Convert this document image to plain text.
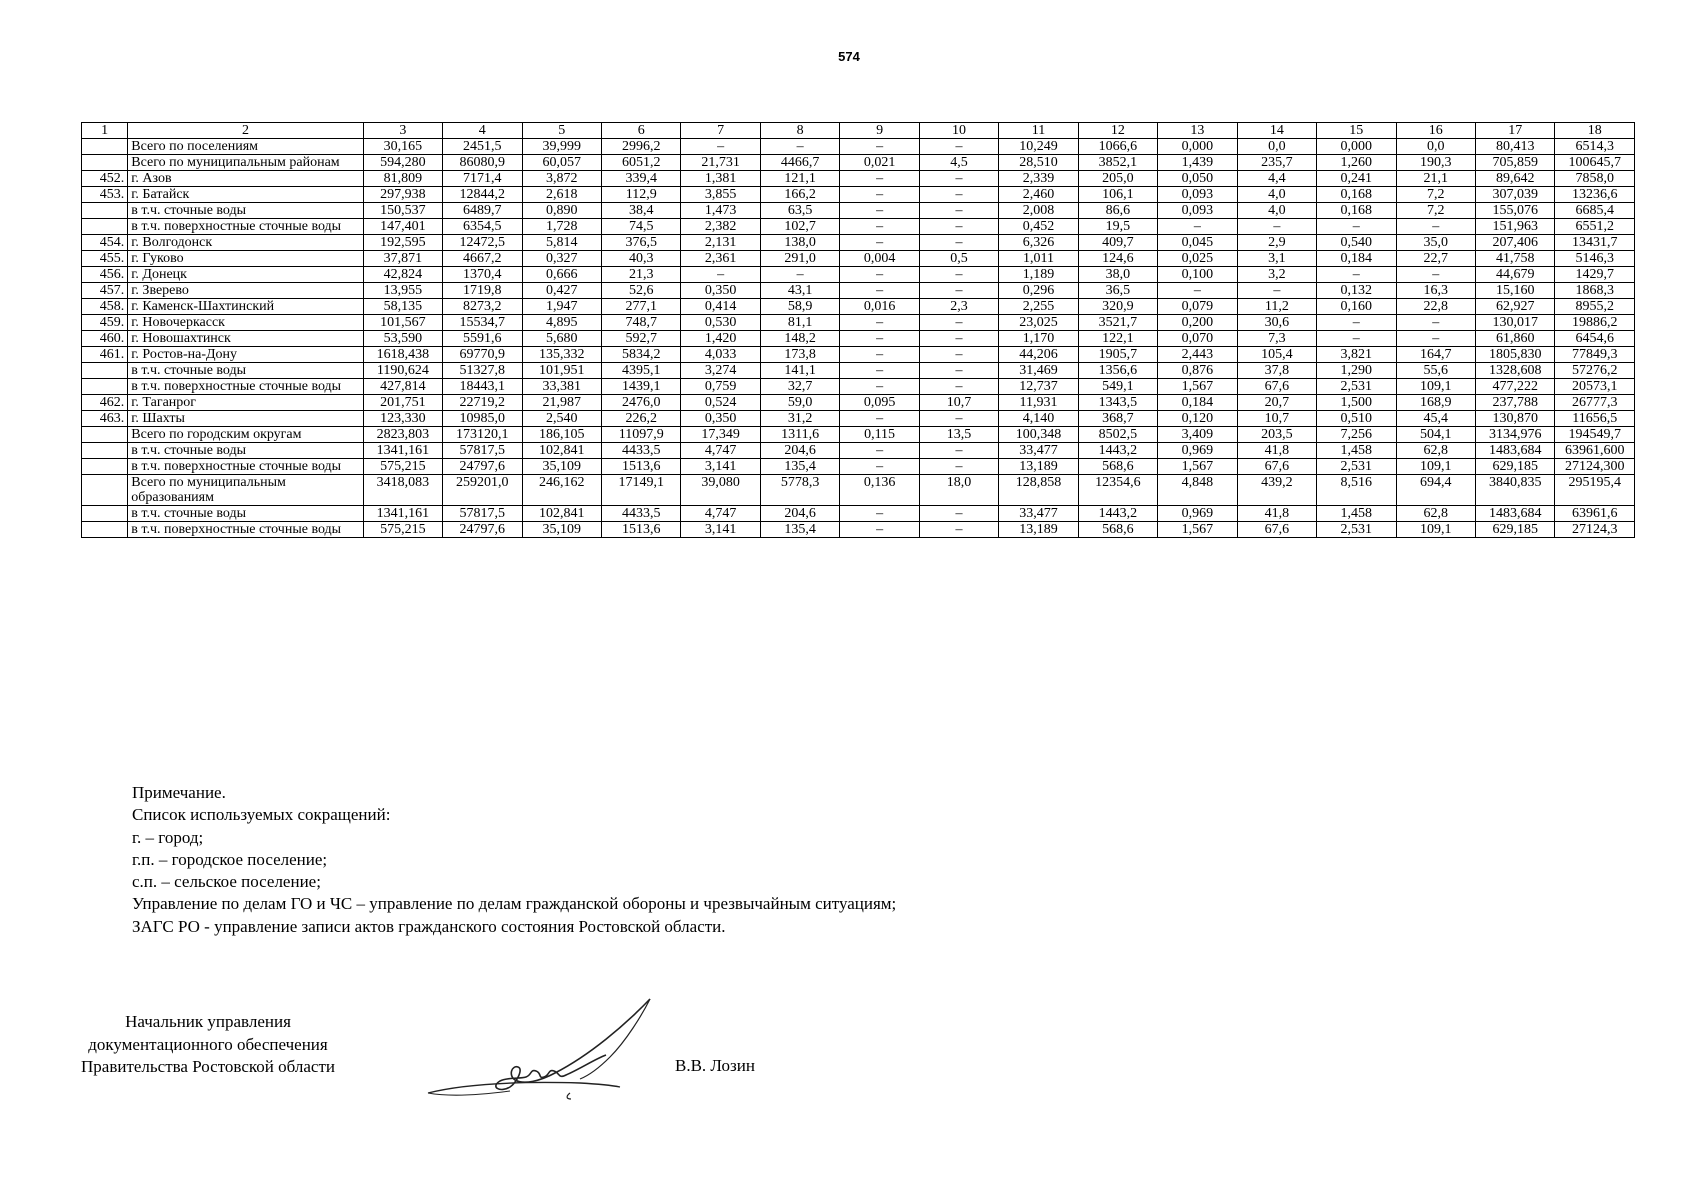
574
1	2	3	4	5	6	7	8	9	10	11	12	13	14	15	16	17	18
	Всего по поселениям	30,165	2451,5	39,999	2996,2	–	–	–	–	10,249	1066,6	0,000	0,0	0,000	0,0	80,413	6514,3
	Всего по муниципальным районам	594,280	86080,9	60,057	6051,2	21,731	4466,7	0,021	4,5	28,510	3852,1	1,439	235,7	1,260	190,3	705,859	100645,7
452.	г. Азов	81,809	7171,4	3,872	339,4	1,381	121,1	–	–	2,339	205,0	0,050	4,4	0,241	21,1	89,642	7858,0
453.	г. Батайск	297,938	12844,2	2,618	112,9	3,855	166,2	–	–	2,460	106,1	0,093	4,0	0,168	7,2	307,039	13236,6
	в т.ч. сточные воды	150,537	6489,7	0,890	38,4	1,473	63,5	–	–	2,008	86,6	0,093	4,0	0,168	7,2	155,076	6685,4
	в т.ч. поверхностные сточные воды	147,401	6354,5	1,728	74,5	2,382	102,7	–	–	0,452	19,5	–	–	–	–	151,963	6551,2
454.	г. Волгодонск	192,595	12472,5	5,814	376,5	2,131	138,0	–	–	6,326	409,7	0,045	2,9	0,540	35,0	207,406	13431,7
455.	г. Гуково	37,871	4667,2	0,327	40,3	2,361	291,0	0,004	0,5	1,011	124,6	0,025	3,1	0,184	22,7	41,758	5146,3
456.	г. Донецк	42,824	1370,4	0,666	21,3	–	–	–	–	1,189	38,0	0,100	3,2	–	–	44,679	1429,7
457.	г. Зверево	13,955	1719,8	0,427	52,6	0,350	43,1	–	–	0,296	36,5	–	–	0,132	16,3	15,160	1868,3
458.	г. Каменск-Шахтинский	58,135	8273,2	1,947	277,1	0,414	58,9	0,016	2,3	2,255	320,9	0,079	11,2	0,160	22,8	62,927	8955,2
459.	г. Новочеркасск	101,567	15534,7	4,895	748,7	0,530	81,1	–	–	23,025	3521,7	0,200	30,6	–	–	130,017	19886,2
460.	г. Новошахтинск	53,590	5591,6	5,680	592,7	1,420	148,2	–	–	1,170	122,1	0,070	7,3	–	–	61,860	6454,6
461.	г. Ростов-на-Дону	1618,438	69770,9	135,332	5834,2	4,033	173,8	–	–	44,206	1905,7	2,443	105,4	3,821	164,7	1805,830	77849,3
	в т.ч. сточные воды	1190,624	51327,8	101,951	4395,1	3,274	141,1	–	–	31,469	1356,6	0,876	37,8	1,290	55,6	1328,608	57276,2
	в т.ч. поверхностные сточные воды	427,814	18443,1	33,381	1439,1	0,759	32,7	–	–	12,737	549,1	1,567	67,6	2,531	109,1	477,222	20573,1
462.	г. Таганрог	201,751	22719,2	21,987	2476,0	0,524	59,0	0,095	10,7	11,931	1343,5	0,184	20,7	1,500	168,9	237,788	26777,3
463.	г. Шахты	123,330	10985,0	2,540	226,2	0,350	31,2	–	–	4,140	368,7	0,120	10,7	0,510	45,4	130,870	11656,5
	Всего по городским округам	2823,803	173120,1	186,105	11097,9	17,349	1311,6	0,115	13,5	100,348	8502,5	3,409	203,5	7,256	504,1	3134,976	194549,7
	в т.ч. сточные воды	1341,161	57817,5	102,841	4433,5	4,747	204,6	–	–	33,477	1443,2	0,969	41,8	1,458	62,8	1483,684	63961,600
	в т.ч. поверхностные сточные воды	575,215	24797,6	35,109	1513,6	3,141	135,4	–	–	13,189	568,6	1,567	67,6	2,531	109,1	629,185	27124,300
	Всего по муниципальным образованиям	3418,083	259201,0	246,162	17149,1	39,080	5778,3	0,136	18,0	128,858	12354,6	4,848	439,2	8,516	694,4	3840,835	295195,4
	в т.ч. сточные воды	1341,161	57817,5	102,841	4433,5	4,747	204,6	–	–	33,477	1443,2	0,969	41,8	1,458	62,8	1483,684	63961,6
	в т.ч. поверхностные сточные воды	575,215	24797,6	35,109	1513,6	3,141	135,4	–	–	13,189	568,6	1,567	67,6	2,531	109,1	629,185	27124,3
Примечание.
Список используемых сокращений:
г. – город;
г.п. – городское поселение;
с.п. – сельское поселение;
Управление по делам ГО и ЧС – управление по делам гражданской обороны и чрезвычайным ситуациям;
ЗАГС РО - управление записи актов гражданского состояния Ростовской области.
Начальник управления
документационного обеспечения
Правительства Ростовской области	В.В. Лозин
